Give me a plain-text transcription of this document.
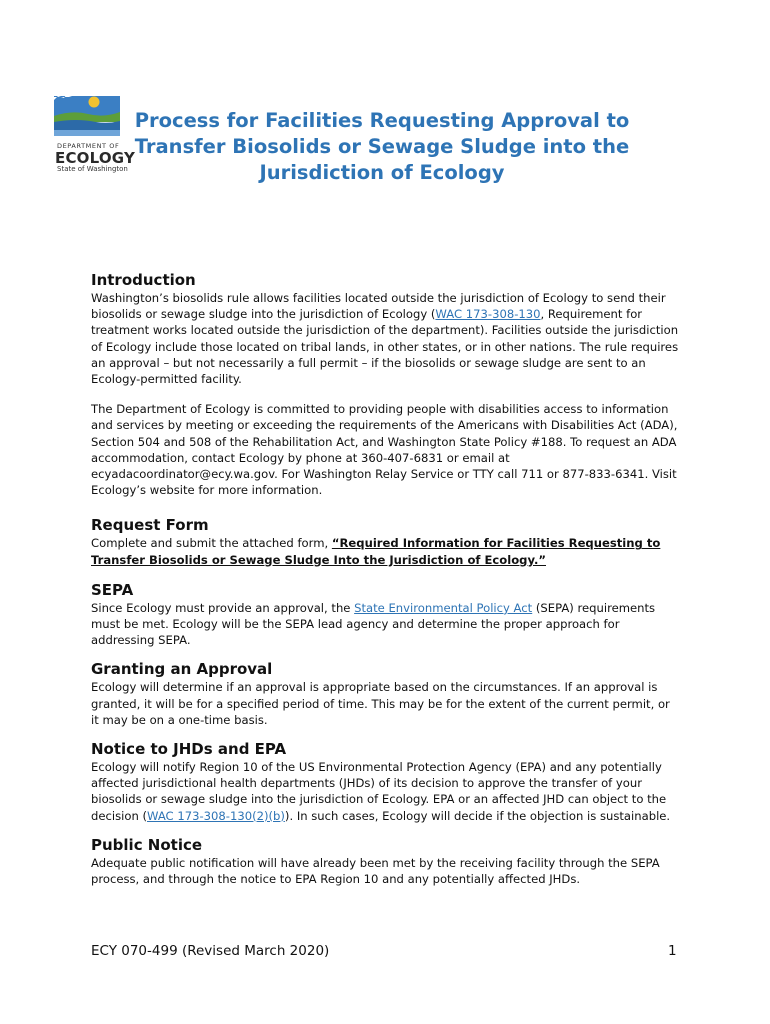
DEPARTMENT OF
ECOLOGY
State of Washington
Process for Facilities Requesting Approval to Transfer Biosolids or Sewage Sludge into the Jurisdiction of Ecology
Introduction

Washington’s biosolids rule allows facilities located outside the jurisdiction of Ecology to send their biosolids or sewage sludge into the jurisdiction of Ecology (WAC 173-308-130, Requirement for treatment works located outside the jurisdiction of the department). Facilities outside the jurisdiction of Ecology include those located on tribal lands, in other states, or in other nations. The rule requires an approval – but not necessarily a full permit – if the biosolids or sewage sludge are sent to an Ecology-permitted facility.

The Department of Ecology is committed to providing people with disabilities access to information and services by meeting or exceeding the requirements of the Americans with Disabilities Act (ADA), Section 504 and 508 of the Rehabilitation Act, and Washington State Policy #188. To request an ADA accommodation, contact Ecology by phone at 360-407-6831 or email at ecyadacoordinator@ecy.wa.gov. For Washington Relay Service or TTY call 711 or 877-833-6341. Visit Ecology’s website for more information.

Request Form

Complete and submit the attached form, “Required Information for Facilities Requesting to Transfer Biosolids or Sewage Sludge Into the Jurisdiction of Ecology.”

SEPA

Since Ecology must provide an approval, the State Environmental Policy Act (SEPA) requirements must be met. Ecology will be the SEPA lead agency and determine the proper approach for addressing SEPA.

Granting an Approval

Ecology will determine if an approval is appropriate based on the circumstances. If an approval is granted, it will be for a specified period of time. This may be for the extent of the current permit, or it may be on a one-time basis.

Notice to JHDs and EPA

Ecology will notify Region 10 of the US Environmental Protection Agency (EPA) and any potentially affected jurisdictional health departments (JHDs) of its decision to approve the transfer of your biosolids or sewage sludge into the jurisdiction of Ecology. EPA or an affected JHD can object to the decision (WAC 173-308-130(2)(b)). In such cases, Ecology will decide if the objection is sustainable.

Public Notice

Adequate public notification will have already been met by the receiving facility through the SEPA process, and through the notice to EPA Region 10 and any potentially affected JHDs.

ECY 070-499 (Revised March 2020)	1
